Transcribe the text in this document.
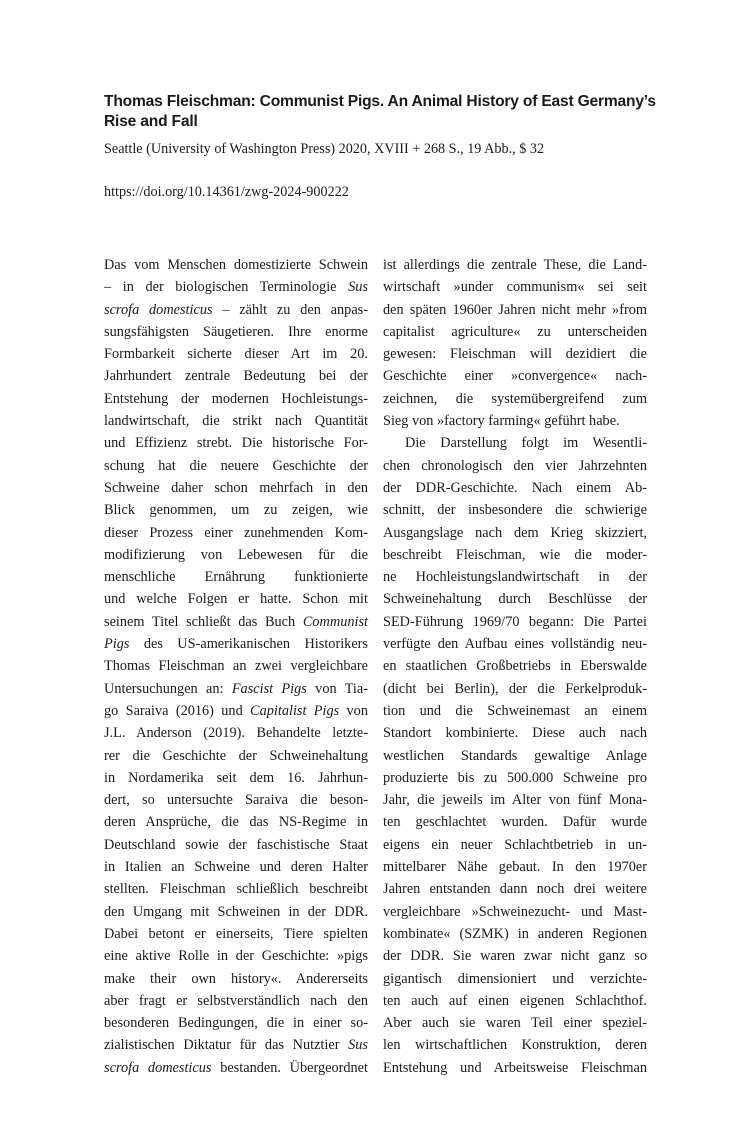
Thomas Fleischman: Communist Pigs. An Animal History of East Germany’s
Rise and Fall

Seattle (University of Washington Press) 2020, XVIII + 268 S., 19 Abb., $ 32

https://doi.org/10.14361/zwg-2024-900222

Das vom Menschen domestizierte Schwein
– in der biologischen Terminologie Sus
scrofa domesticus – zählt zu den anpas-
sungsfähigsten Säugetieren. Ihre enorme
Formbarkeit sicherte dieser Art im 20.
Jahrhundert zentrale Bedeutung bei der
Entstehung der modernen Hochleistungs-
landwirtschaft, die strikt nach Quantität
und Effizienz strebt. Die historische For-
schung hat die neuere Geschichte der
Schweine daher schon mehrfach in den
Blick genommen, um zu zeigen, wie
dieser Prozess einer zunehmenden Kom-
modifizierung von Lebewesen für die
menschliche Ernährung funktionierte
und welche Folgen er hatte. Schon mit
seinem Titel schließt das Buch Communist
Pigs des US-amerikanischen Historikers
Thomas Fleischman an zwei vergleichbare
Untersuchungen an: Fascist Pigs von Tia-
go Saraiva (2016) und Capitalist Pigs von
J.L. Anderson (2019). Behandelte letzte-
rer die Geschichte der Schweinehaltung
in Nordamerika seit dem 16. Jahrhun-
dert, so untersuchte Saraiva die beson-
deren Ansprüche, die das NS-Regime in
Deutschland sowie der faschistische Staat
in Italien an Schweine und deren Halter
stellten. Fleischman schließlich beschreibt
den Umgang mit Schweinen in der DDR.
Dabei betont er einerseits, Tiere spielten
eine aktive Rolle in der Geschichte: »pigs
make their own history«. Andererseits
aber fragt er selbstverständlich nach den
besonderen Bedingungen, die in einer so-
zialistischen Diktatur für das Nutztier Sus
scrofa domesticus bestanden. Übergeordnet
ist allerdings die zentrale These, die Land-
wirtschaft »under communism« sei seit
den späten 1960er Jahren nicht mehr »from
capitalist agriculture« zu unterscheiden
gewesen: Fleischman will dezidiert die
Geschichte einer »convergence« nach-
zeichnen, die systemübergreifend zum
Sieg von »factory farming« geführt habe.
Die Darstellung folgt im Wesentli-
chen chronologisch den vier Jahrzehnten
der DDR-Geschichte. Nach einem Ab-
schnitt, der insbesondere die schwierige
Ausgangslage nach dem Krieg skizziert,
beschreibt Fleischman, wie die moder-
ne Hochleistungslandwirtschaft in der
Schweinehaltung durch Beschlüsse der
SED-Führung 1969/70 begann: Die Partei
verfügte den Aufbau eines vollständig neu-
en staatlichen Großbetriebs in Eberswalde
(dicht bei Berlin), der die Ferkelproduk-
tion und die Schweinemast an einem
Standort kombinierte. Diese auch nach
westlichen Standards gewaltige Anlage
produzierte bis zu 500.000 Schweine pro
Jahr, die jeweils im Alter von fünf Mona-
ten geschlachtet wurden. Dafür wurde
eigens ein neuer Schlachtbetrieb in un-
mittelbarer Nähe gebaut. In den 1970er
Jahren entstanden dann noch drei weitere
vergleichbare »Schweinezucht- und Mast-
kombinate« (SZMK) in anderen Regionen
der DDR. Sie waren zwar nicht ganz so
gigantisch dimensioniert und verzichte-
ten auch auf einen eigenen Schlachthof.
Aber auch sie waren Teil einer speziel-
len wirtschaftlichen Konstruktion, deren
Entstehung und Arbeitsweise Fleischman
